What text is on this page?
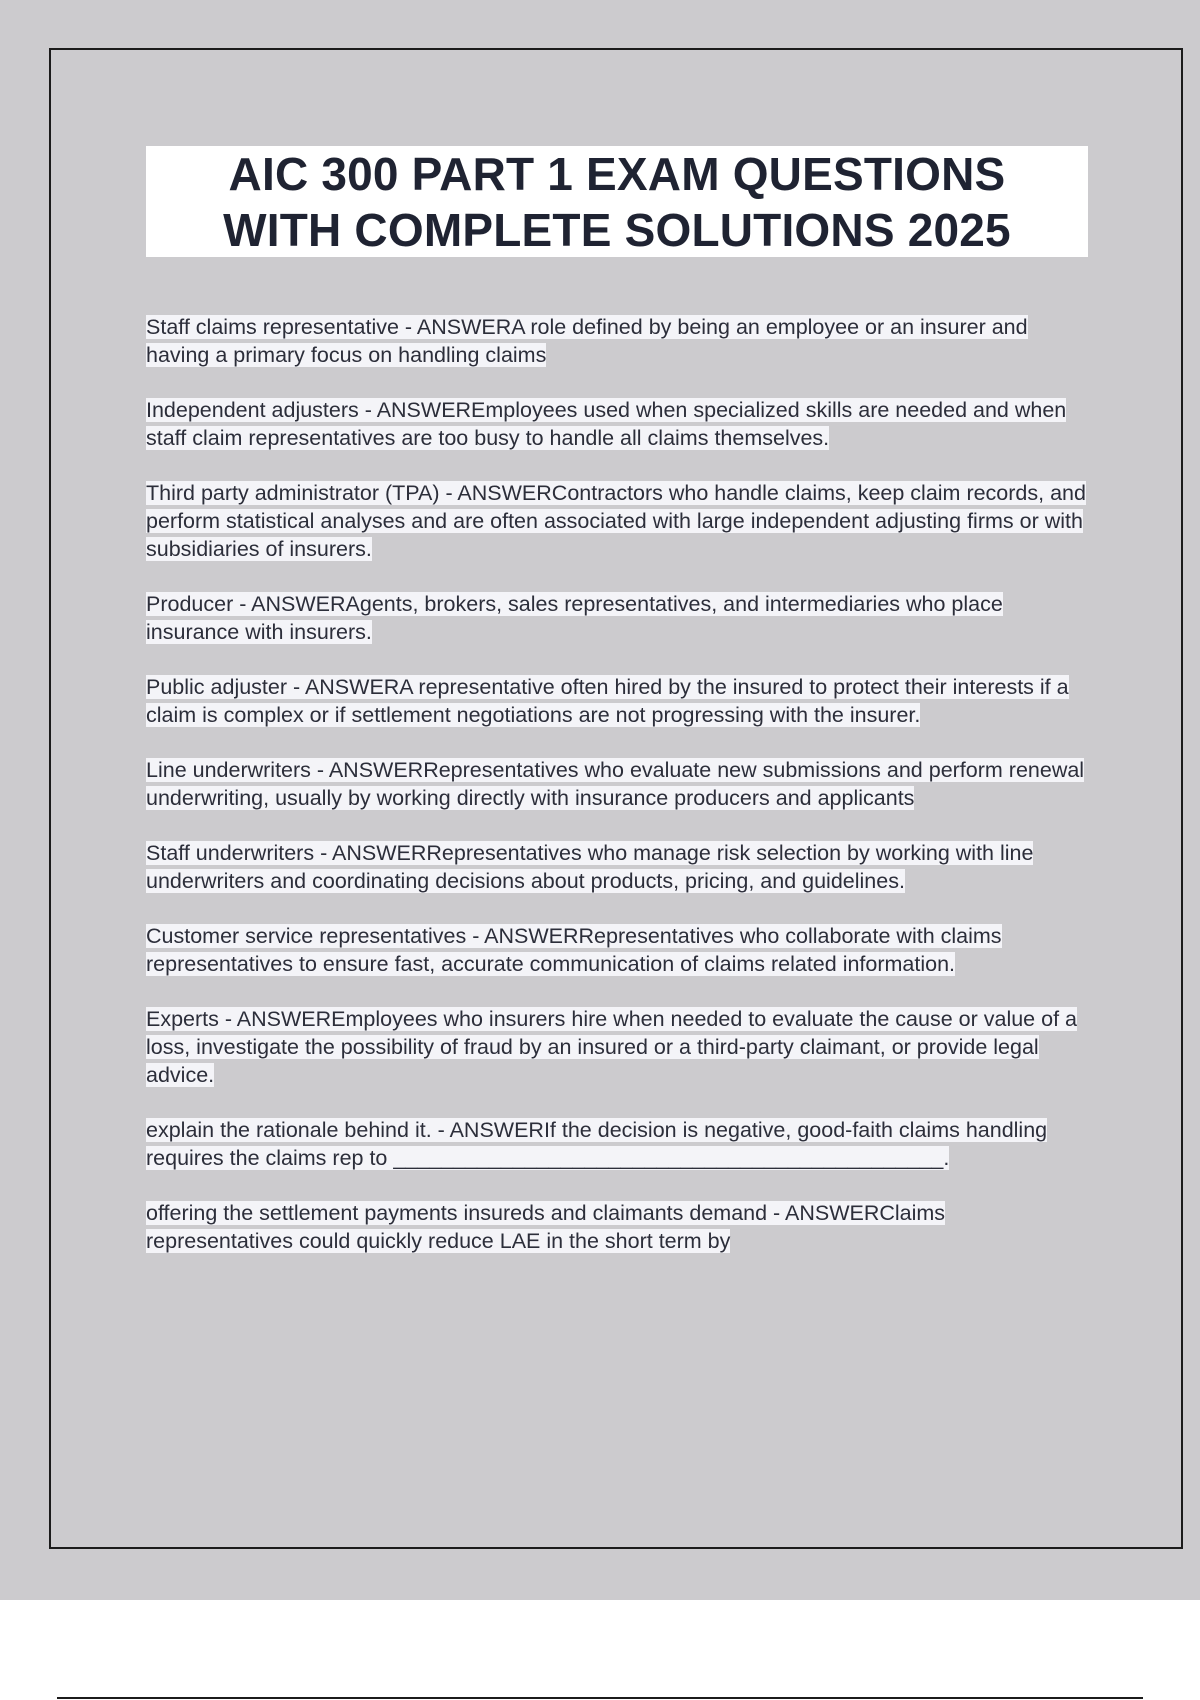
AIC 300 PART 1 EXAM QUESTIONS
WITH COMPLETE SOLUTIONS 2025

Staff claims representative - ANSWERA role defined by being an employee or an insurer and having a primary focus on handling claims

Independent adjusters - ANSWEREmployees used when specialized skills are needed and when staff claim representatives are too busy to handle all claims themselves.

Third party administrator (TPA) - ANSWERContractors who handle claims, keep claim records, and perform statistical analyses and are often associated with large independent adjusting firms or with subsidiaries of insurers.

Producer - ANSWERAgents, brokers, sales representatives, and intermediaries who place insurance with insurers.

Public adjuster - ANSWERA representative often hired by the insured to protect their interests if a claim is complex or if settlement negotiations are not progressing with the insurer.

Line underwriters - ANSWERRepresentatives who evaluate new submissions and perform renewal underwriting, usually by working directly with insurance producers and applicants

Staff underwriters - ANSWERRepresentatives who manage risk selection by working with line underwriters and coordinating decisions about products, pricing, and guidelines.

Customer service representatives - ANSWERRepresentatives who collaborate with claims representatives to ensure fast, accurate communication of claims related information.

Experts - ANSWEREmployees who insurers hire when needed to evaluate the cause or value of a loss, investigate the possibility of fraud by an insured or a third-party claimant, or provide legal advice.

explain the rationale behind it. - ANSWERIf the decision is negative, good-faith claims handling requires the claims rep to ______________________________________________.

offering the settlement payments insureds and claimants demand - ANSWERClaims representatives could quickly reduce LAE in the short term by
